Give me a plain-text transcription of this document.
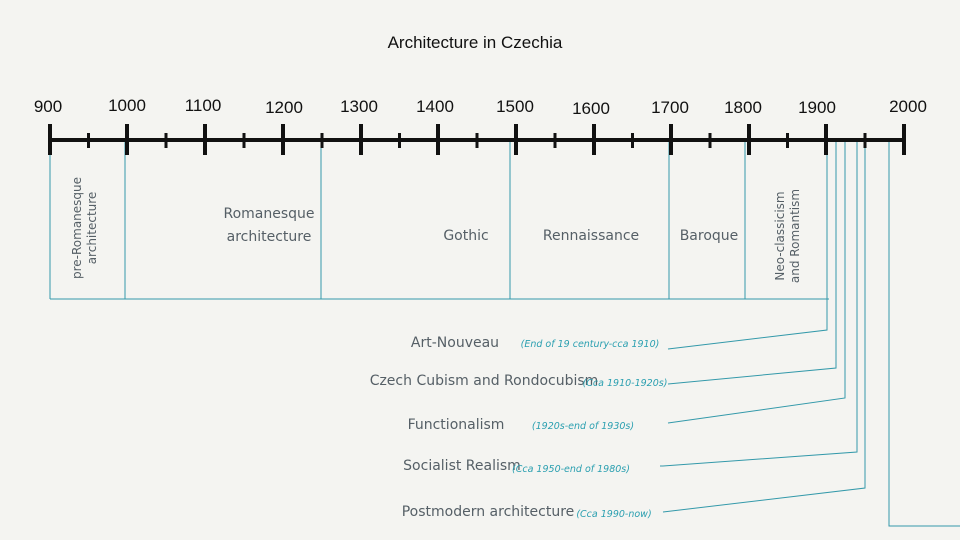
Architecture in Czechia
900	1000 1100	1200 1300 1400 1500 1600 1700 1800 1900	2000
pre-Romanesque architecture	Romanesque
architecture	Gothic	Rennaissance	Baroque	Neo-classicism and Romantism
Art-Nouveau (End of 19 century-cca 1910)
Czech Cubism and Rondocubism
(Cca 1910-1920s)
Functionalism	(1920s-end of 1930s)
Socialist Realism
(Cca 1950-end of 1980s)
Postmodern architecture (Cca 1990-now)
